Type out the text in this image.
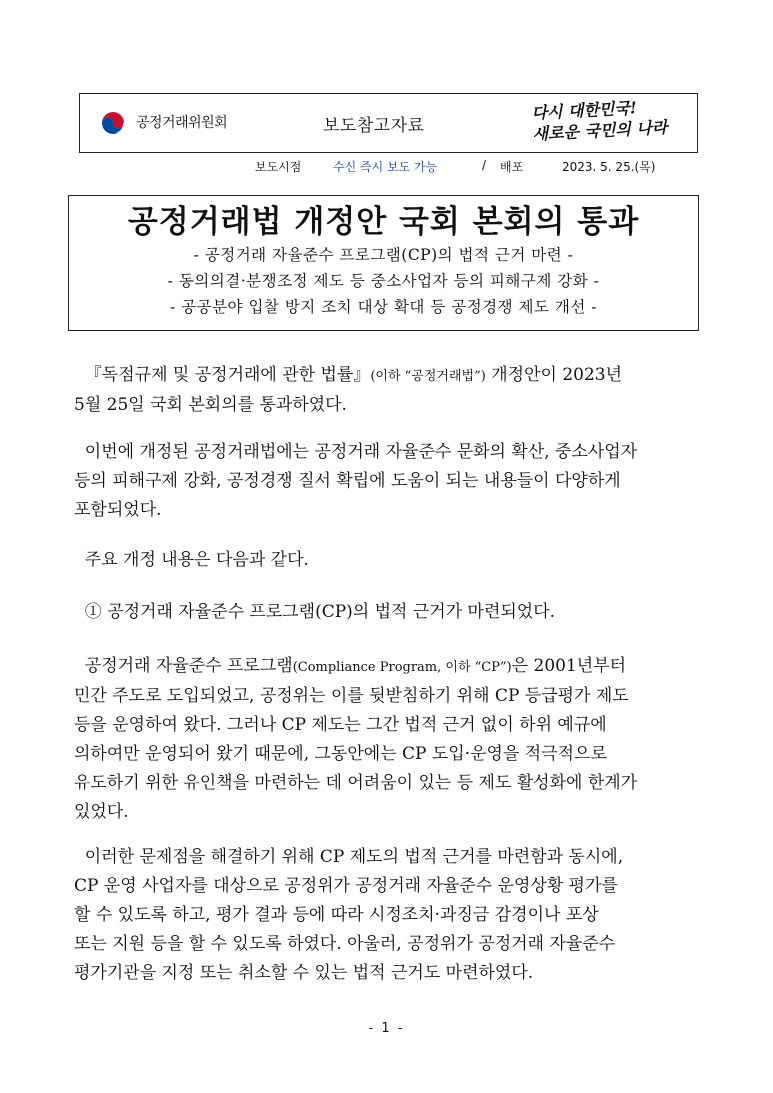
공정거래위원회	보도참고자료
다시 대한민국!
새로운 국민의 나라
보도시점	수신 즉시 보도 가능	/ 배포	2023. 5. 25.(목)
공정거래법 개정안 국회 본회의 통과
- 공정거래 자율준수 프로그램(CP)의 법적 근거 마련 -
- 동의의결·분쟁조정 제도 등 중소사업자 등의 피해구제 강화 -
- 공공분야 입찰 방지 조치 대상 확대 등 공정경쟁 제도 개선 -
『독점규제 및 공정거래에 관한 법률』(이하 “공정거래법”) 개정안이 2023년
5월 25일 국회 본회의를 통과하였다.
이번에 개정된 공정거래법에는 공정거래 자율준수 문화의 확산, 중소사업자
등의 피해구제 강화, 공정경쟁 질서 확립에 도움이 되는 내용들이 다양하게
포함되었다.
주요 개정 내용은 다음과 같다.
① 공정거래 자율준수 프로그램(CP)의 법적 근거가 마련되었다.
공정거래 자율준수 프로그램(Compliance Program, 이하 “CP”)은 2001년부터
민간 주도로 도입되었고, 공정위는 이를 뒷받침하기 위해 CP 등급평가 제도
등을 운영하여 왔다. 그러나 CP 제도는 그간 법적 근거 없이 하위 예규에
의하여만 운영되어 왔기 때문에, 그동안에는 CP 도입·운영을 적극적으로
유도하기 위한 유인책을 마련하는 데 어려움이 있는 등 제도 활성화에 한계가
있었다.
이러한 문제점을 해결하기 위해 CP 제도의 법적 근거를 마련함과 동시에,
CP 운영 사업자를 대상으로 공정위가 공정거래 자율준수 운영상황 평가를
할 수 있도록 하고, 평가 결과 등에 따라 시정조치·과징금 감경이나 포상
또는 지원 등을 할 수 있도록 하였다. 아울러, 공정위가 공정거래 자율준수
평가기관을 지정 또는 취소할 수 있는 법적 근거도 마련하였다.
- 1 -
